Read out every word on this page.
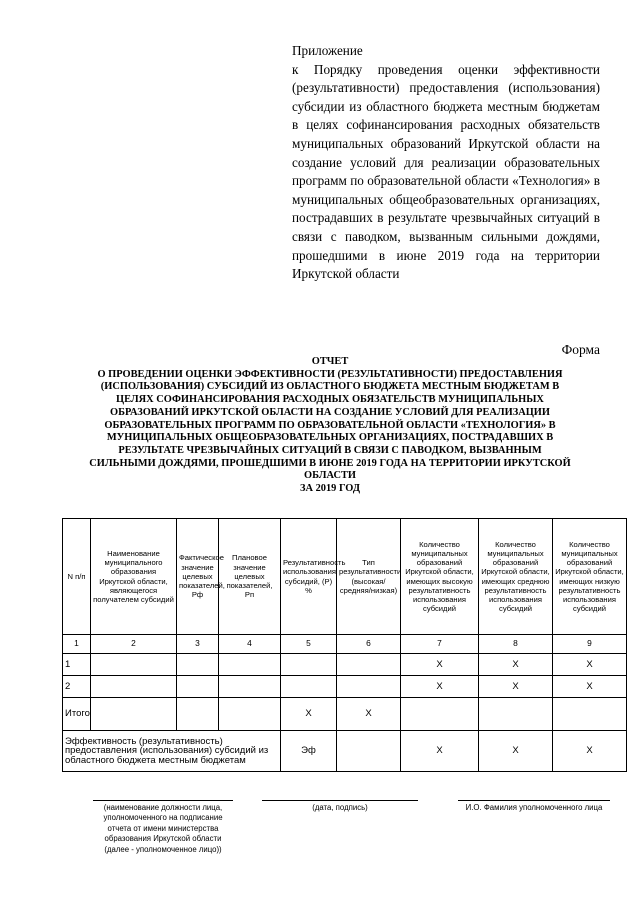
Приложение
к Порядку проведения оценки эффективности (результативности) предоставления (использования) субсидии из областного бюджета местным бюджетам в целях софинансирования расходных обязательств муниципальных образований Иркутской области на создание условий для реализации образовательных программ по образовательной области «Технология» в муниципальных общеобразовательных организациях, пострадавших в результате чрезвычайных ситуаций в связи с паводком, вызванным сильными дождями, прошедшими в июне 2019 года на территории Иркутской области
Форма
ОТЧЕТ
О ПРОВЕДЕНИИ ОЦЕНКИ ЭФФЕКТИВНОСТИ (РЕЗУЛЬТАТИВНОСТИ) ПРЕДОСТАВЛЕНИЯ
(ИСПОЛЬЗОВАНИЯ) СУБСИДИЙ ИЗ ОБЛАСТНОГО БЮДЖЕТА МЕСТНЫМ БЮДЖЕТАМ В
ЦЕЛЯХ СОФИНАНСИРОВАНИЯ РАСХОДНЫХ ОБЯЗАТЕЛЬСТВ МУНИЦИПАЛЬНЫХ
ОБРАЗОВАНИЙ ИРКУТСКОЙ ОБЛАСТИ НА СОЗДАНИЕ УСЛОВИЙ ДЛЯ РЕАЛИЗАЦИИ
ОБРАЗОВАТЕЛЬНЫХ ПРОГРАММ ПО ОБРАЗОВАТЕЛЬНОЙ ОБЛАСТИ «ТЕХНОЛОГИЯ» В
МУНИЦИПАЛЬНЫХ ОБЩЕОБРАЗОВАТЕЛЬНЫХ ОРГАНИЗАЦИЯХ, ПОСТРАДАВШИХ В
РЕЗУЛЬТАТЕ ЧРЕЗВЫЧАЙНЫХ СИТУАЦИЙ В СВЯЗИ С ПАВОДКОМ, ВЫЗВАННЫМ
СИЛЬНЫМИ ДОЖДЯМИ, ПРОШЕДШИМИ В ИЮНЕ 2019 ГОДА НА ТЕРРИТОРИИ ИРКУТСКОЙ
ОБЛАСТИ
ЗА 2019 ГОД
N п/п	Наименование муниципального образования Иркутской области, являющегося получателем субсидий	Фактическое значение целевых показателей, Рф	Плановое значение целевых показателей, Рп	Результативность использования субсидий, (Р) %	Тип результативности (высокая/средняя/низкая)	Количество муниципальных образований Иркутской области, имеющих высокую результативность использования субсидий	Количество муниципальных образований Иркутской области, имеющих среднюю результативность использования субсидий	Количество муниципальных образований Иркутской области, имеющих низкую результативность использования субсидий
1	2	3	4	5	6	7	8	9
1						Х	Х	Х
2						Х	Х	Х
Итого				Х	Х			
Эффективность (результативность) предоставления (использования) субсидий из областного бюджета местным бюджетам				Эф		Х	Х	Х
(наименование должности лица, уполномоченного на подписание отчета от имени министерства образования Иркутской области (далее - уполномоченное лицо))
(дата, подпись)	И.О. Фамилия уполномоченного лица
